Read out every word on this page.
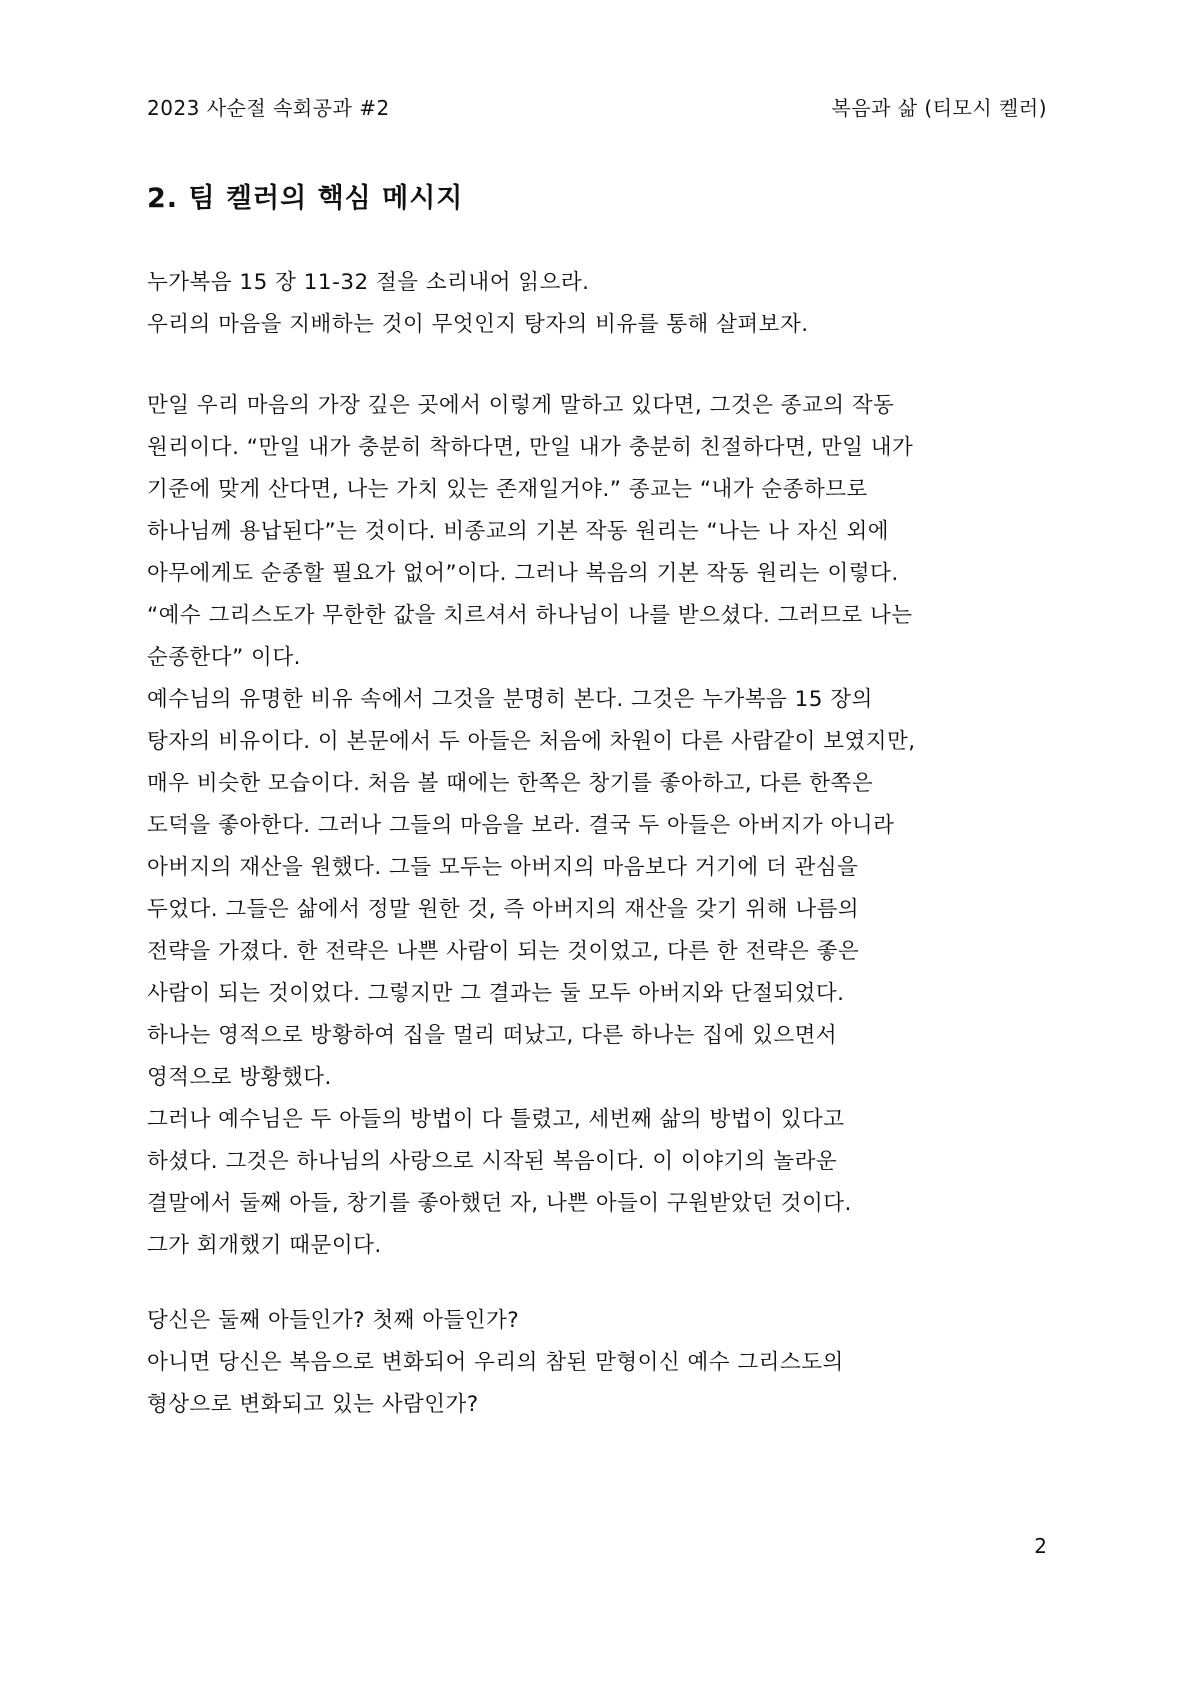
2023 사순절 속회공과 #2	복음과 삶 (티모시 켈러)
2. 팀 켈러의 핵심 메시지
누가복음 15 장 11-32 절을 소리내어 읽으라.
우리의 마음을 지배하는 것이 무엇인지 탕자의 비유를 통해 살펴보자.
만일 우리 마음의 가장 깊은 곳에서 이렇게 말하고 있다면, 그것은 종교의 작동
원리이다. “만일 내가 충분히 착하다면, 만일 내가 충분히 친절하다면, 만일 내가
기준에 맞게 산다면, 나는 가치 있는 존재일거야.” 종교는 “내가 순종하므로
하나님께 용납된다”는 것이다. 비종교의 기본 작동 원리는 “나는 나 자신 외에
아무에게도 순종할 필요가 없어”이다. 그러나 복음의 기본 작동 원리는 이렇다.
“예수 그리스도가 무한한 값을 치르셔서 하나님이 나를 받으셨다. 그러므로 나는
순종한다” 이다.
예수님의 유명한 비유 속에서 그것을 분명히 본다. 그것은 누가복음 15 장의
탕자의 비유이다. 이 본문에서 두 아들은 처음에 차원이 다른 사람같이 보였지만,
매우 비슷한 모습이다. 처음 볼 때에는 한쪽은 창기를 좋아하고, 다른 한쪽은
도덕을 좋아한다. 그러나 그들의 마음을 보라. 결국 두 아들은 아버지가 아니라
아버지의 재산을 원했다. 그들 모두는 아버지의 마음보다 거기에 더 관심을
두었다. 그들은 삶에서 정말 원한 것, 즉 아버지의 재산을 갖기 위해 나름의
전략을 가졌다. 한 전략은 나쁜 사람이 되는 것이었고, 다른 한 전략은 좋은
사람이 되는 것이었다. 그렇지만 그 결과는 둘 모두 아버지와 단절되었다.
하나는 영적으로 방황하여 집을 멀리 떠났고, 다른 하나는 집에 있으면서
영적으로 방황했다.
그러나 예수님은 두 아들의 방법이 다 틀렸고, 세번째 삶의 방법이 있다고
하셨다. 그것은 하나님의 사랑으로 시작된 복음이다. 이 이야기의 놀라운
결말에서 둘째 아들, 창기를 좋아했던 자, 나쁜 아들이 구원받았던 것이다.
그가 회개했기 때문이다.
당신은 둘째 아들인가? 첫째 아들인가?
아니면 당신은 복음으로 변화되어 우리의 참된 맏형이신 예수 그리스도의
형상으로 변화되고 있는 사람인가?
2
